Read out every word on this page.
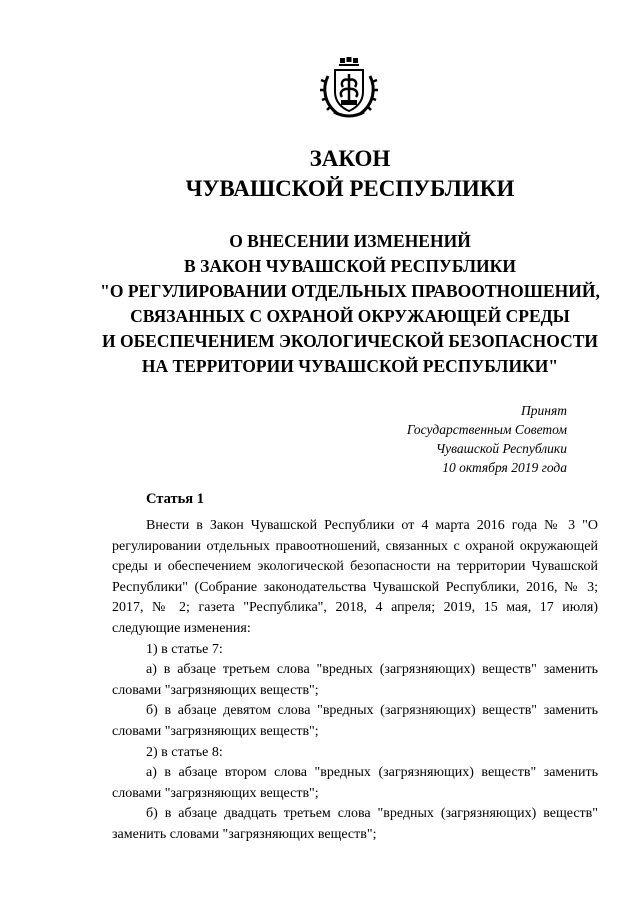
ЗАКОН
ЧУВАШСКОЙ РЕСПУБЛИКИ
О ВНЕСЕНИИ ИЗМЕНЕНИЙ
В ЗАКОН ЧУВАШСКОЙ РЕСПУБЛИКИ
"О РЕГУЛИРОВАНИИ ОТДЕЛЬНЫХ ПРАВООТНОШЕНИЙ,
СВЯЗАННЫХ С ОХРАНОЙ ОКРУЖАЮЩЕЙ СРЕДЫ
И ОБЕСПЕЧЕНИЕМ ЭКОЛОГИЧЕСКОЙ БЕЗОПАСНОСТИ
НА ТЕРРИТОРИИ ЧУВАШСКОЙ РЕСПУБЛИКИ"
Принят
Государственным Советом
Чувашской Республики
10 октября 2019 года
Статья 1

Внести в Закон Чувашской Республики от 4 марта 2016 года № 3 "О регулировании отдельных правоотношений, связанных с охраной окружающей среды и обеспечением экологической безопасности на территории Чувашской Республики" (Собрание законодательства Чувашской Республики, 2016, № 3; 2017, № 2; газета "Республика", 2018, 4 апреля; 2019, 15 мая, 17 июля) следующие изменения:

1) в статье 7:

а) в абзаце третьем слова "вредных (загрязняющих) веществ" заменить словами "загрязняющих веществ";

б) в абзаце девятом слова "вредных (загрязняющих) веществ" заменить словами "загрязняющих веществ";

2) в статье 8:

а) в абзаце втором слова "вредных (загрязняющих) веществ" заменить словами "загрязняющих веществ";

б) в абзаце двадцать третьем слова "вредных (загрязняющих) веществ" заменить словами "загрязняющих веществ";
